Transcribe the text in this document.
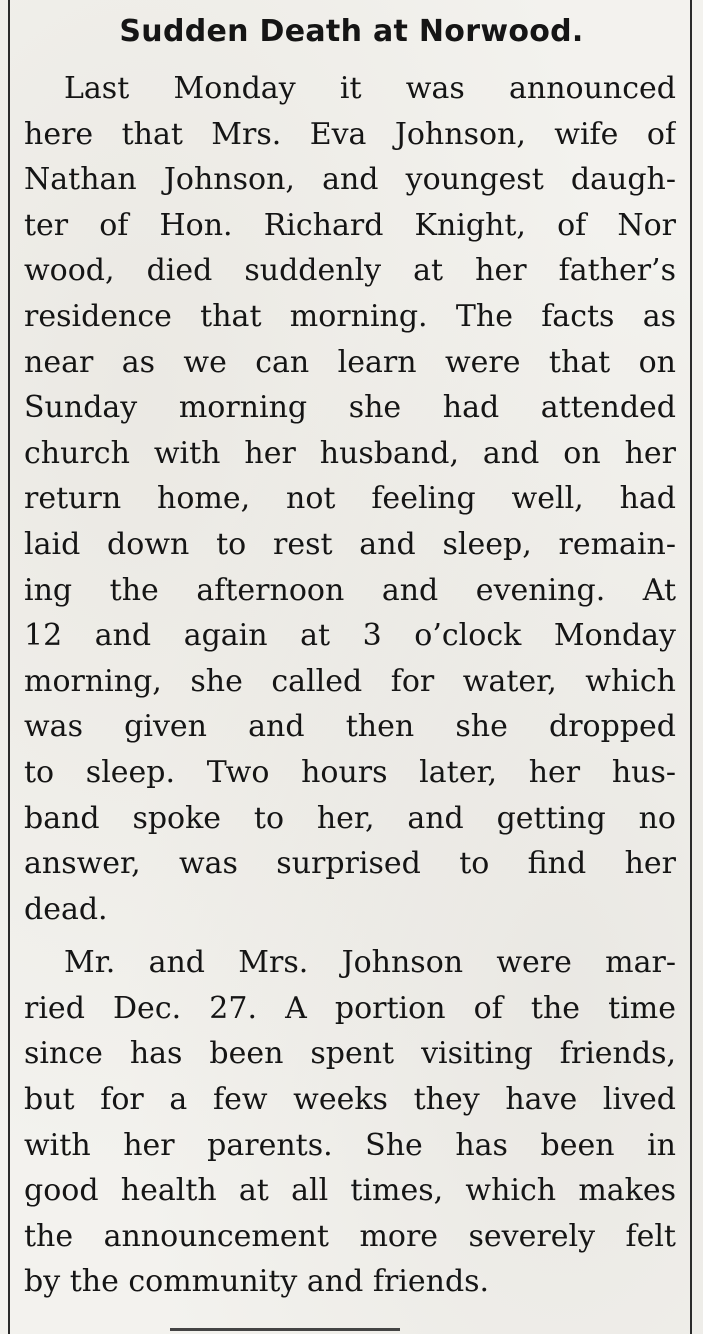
Sudden Death at Norwood.
Last Monday it was announced
here that Mrs. Eva Johnson, wife of
Nathan Johnson, and youngest daugh-
ter of Hon. Richard Knight, of Nor
wood, died suddenly at her father’s
residence that morning. The facts as
near as we can learn were that on
Sunday morning she had attended
church with her husband, and on her
return home, not feeling well, had
laid down to rest and sleep, remain-
ing the afternoon and evening. At
12 and again at 3 o’clock Monday
morning, she called for water, which
was given and then she dropped
to sleep. Two hours later, her hus-
band spoke to her, and getting no
answer, was surprised to find her
dead.
Mr. and Mrs. Johnson were mar-
ried Dec. 27. A portion of the time
since has been spent visiting friends,
but for a few weeks they have lived
with her parents. She has been in
good health at all times, which makes
the announcement more severely felt
by the community and friends.
